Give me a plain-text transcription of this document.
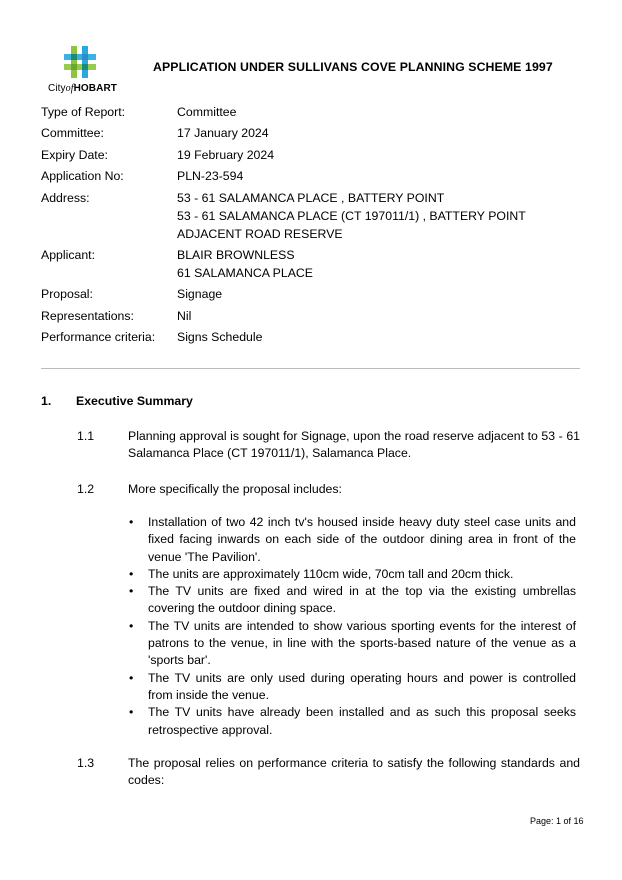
CityofHOBART
APPLICATION UNDER SULLIVANS COVE PLANNING SCHEME 1997
Type of Report:	Committee
Committee:	17 January 2024
Expiry Date:	19 February 2024
Application No:	PLN-23-594
Address:	53 - 61 SALAMANCA PLACE , BATTERY POINT
53 - 61 SALAMANCA PLACE (CT 197011/1) , BATTERY POINT
ADJACENT ROAD RESERVE
Applicant:	BLAIR BROWNLESS
61 SALAMANCA PLACE
Proposal:	Signage
Representations:	Nil
Performance criteria:	Signs Schedule
1. Executive Summary
1.1	Planning approval is sought for Signage, upon the road reserve adjacent to 53 - 61 Salamanca Place (CT 197011/1), Salamanca Place.
1.2	More specifically the proposal includes:
• Installation of two 42 inch tv's housed inside heavy duty steel case units and fixed facing inwards on each side of the outdoor dining area in front of the venue 'The Pavilion'.
• The units are approximately 110cm wide, 70cm tall and 20cm thick.
• The TV units are fixed and wired in at the top via the existing umbrellas covering the outdoor dining space.
• The TV units are intended to show various sporting events for the interest of patrons to the venue, in line with the sports-based nature of the venue as a 'sports bar'.
• The TV units are only used during operating hours and power is controlled from inside the venue.
• The TV units have already been installed and as such this proposal seeks retrospective approval.
1.3	The proposal relies on performance criteria to satisfy the following standards and codes:
Page: 1 of 16
